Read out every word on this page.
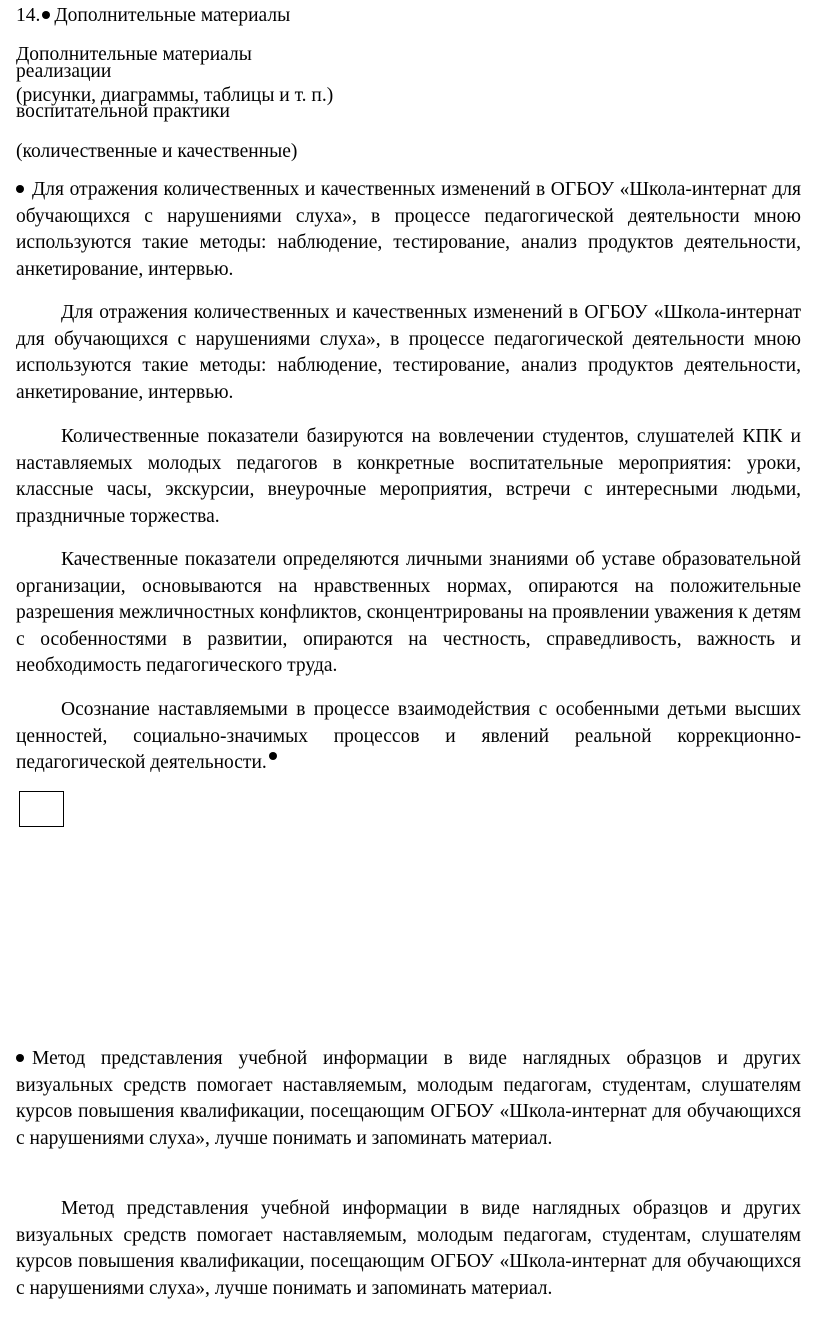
14. Дополнительные материалы
Дополнительные материалы
реализации
(рисунки, диаграммы, таблицы и т. п.)
воспитательной практики
(количественные и качественные)

Для отражения количественных и качественных изменений в ОГБОУ «Школа-интернат для обучающихся с нарушениями слуха», в процессе педагогической деятельности мною используются такие методы: наблюдение, тестирование, анализ продуктов деятельности, анкетирование, интервью.

Для отражения количественных и качественных изменений в ОГБОУ «Школа-интернат для обучающихся с нарушениями слуха», в процессе педагогической деятельности мною используются такие методы: наблюдение, тестирование, анализ продуктов деятельности, анкетирование, интервью.

Количественные показатели базируются на вовлечении студентов, слушателей КПК и наставляемых молодых педагогов в конкретные воспитательные мероприятия: уроки, классные часы, экскурсии, внеурочные мероприятия, встречи с интересными людьми, праздничные торжества.

Качественные показатели определяются личными знаниями об уставе образовательной организации, основываются на нравственных нормах, опираются на положительные разрешения межличностных конфликтов, сконцентрированы на проявлении уважения к детям с особенностями в развитии, опираются на честность, справедливость, важность и необходимость педагогического труда.

Осознание наставляемыми в процессе взаимодействия с особенными детьми высших ценностей, социально-значимых процессов и явлений реальной коррекционно-педагогической деятельности.

Метод представления учебной информации в виде наглядных образцов и других визуальных средств помогает наставляемым, молодым педагогам, студентам, слушателям курсов повышения квалификации, посещающим ОГБОУ «Школа-интернат для обучающихся с нарушениями слуха», лучше понимать и запоминать материал.

Метод представления учебной информации в виде наглядных образцов и других визуальных средств помогает наставляемым, молодым педагогам, студентам, слушателям курсов повышения квалификации, посещающим ОГБОУ «Школа-интернат для обучающихся с нарушениями слуха», лучше понимать и запоминать материал.
